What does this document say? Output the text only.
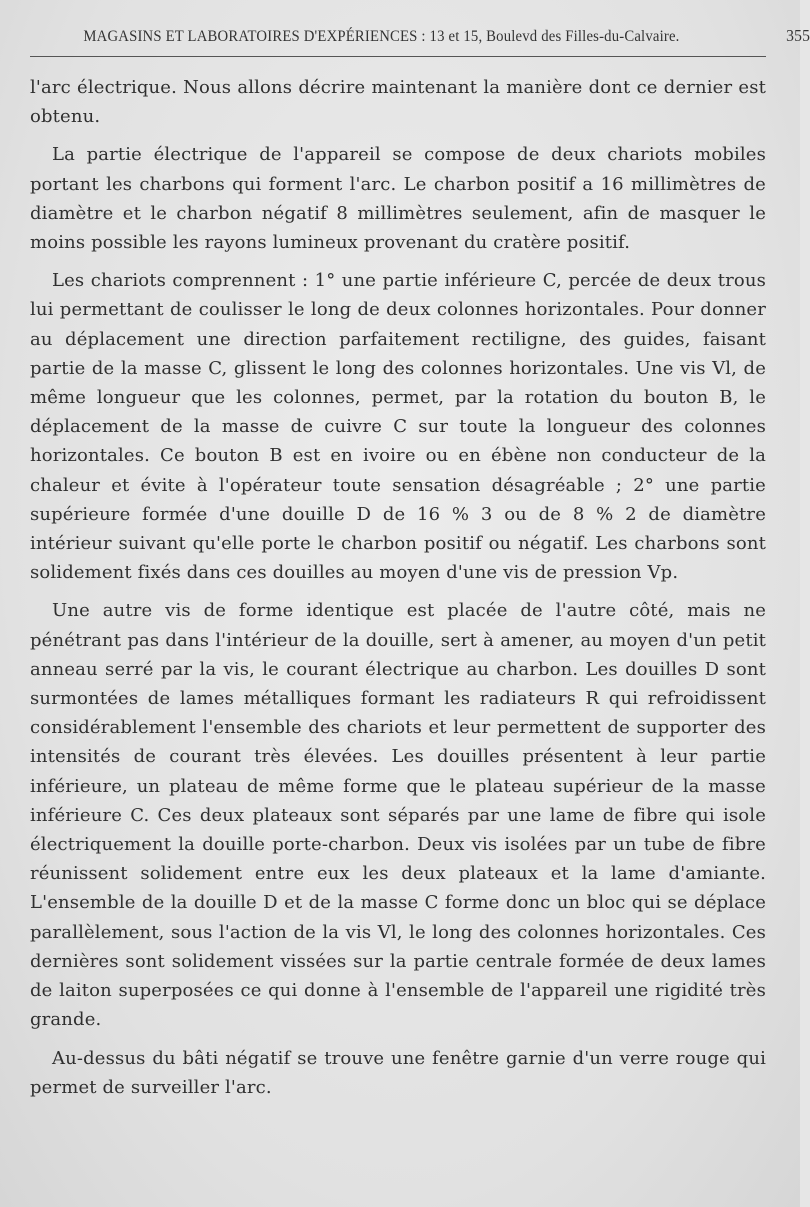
MAGASINS ET LABORATOIRES D'EXPÉRIENCES : 13 et 15, Boulevd des Filles-du-Calvaire.	355

l'arc électrique. Nous allons décrire maintenant la manière dont ce dernier est obtenu.

La partie électrique de l'appareil se compose de deux chariots mobiles portant les charbons qui forment l'arc. Le charbon positif a 16 millimètres de diamètre et le charbon négatif 8 millimètres seulement, afin de masquer le moins possible les rayons lumineux provenant du cratère positif.

Les chariots comprennent : 1° une partie inférieure C, percée de deux trous lui permettant de coulisser le long de deux colonnes horizontales. Pour donner au déplacement une direction parfaitement rectiligne, des guides, faisant partie de la masse C, glissent le long des colonnes horizontales. Une vis Vl, de même longueur que les colonnes, permet, par la rotation du bouton B, le déplacement de la masse de cuivre C sur toute la longueur des colonnes horizontales. Ce bouton B est en ivoire ou en ébène non conducteur de la chaleur et évite à l'opérateur toute sensation désagréable ; 2° une partie supérieure formée d'une douille D de 16 % 3 ou de 8 % 2 de diamètre intérieur suivant qu'elle porte le charbon positif ou négatif. Les charbons sont solidement fixés dans ces douilles au moyen d'une vis de pression Vp.

Une autre vis de forme identique est placée de l'autre côté, mais ne pénétrant pas dans l'intérieur de la douille, sert à amener, au moyen d'un petit anneau serré par la vis, le courant électrique au charbon. Les douilles D sont surmontées de lames métalliques formant les radiateurs R qui refroidissent considérablement l'ensemble des chariots et leur permettent de supporter des intensités de courant très élevées. Les douilles présentent à leur partie inférieure, un plateau de même forme que le plateau supérieur de la masse inférieure C. Ces deux plateaux sont séparés par une lame de fibre qui isole électriquement la douille porte-charbon. Deux vis isolées par un tube de fibre réunissent solidement entre eux les deux plateaux et la lame d'amiante. L'ensemble de la douille D et de la masse C forme donc un bloc qui se déplace parallèlement, sous l'action de la vis Vl, le long des colonnes horizontales. Ces dernières sont solidement vissées sur la partie centrale formée de deux lames de laiton superposées ce qui donne à l'ensemble de l'appareil une rigidité très grande.

Au-dessus du bâti négatif se trouve une fenêtre garnie d'un verre rouge qui permet de surveiller l'arc.
